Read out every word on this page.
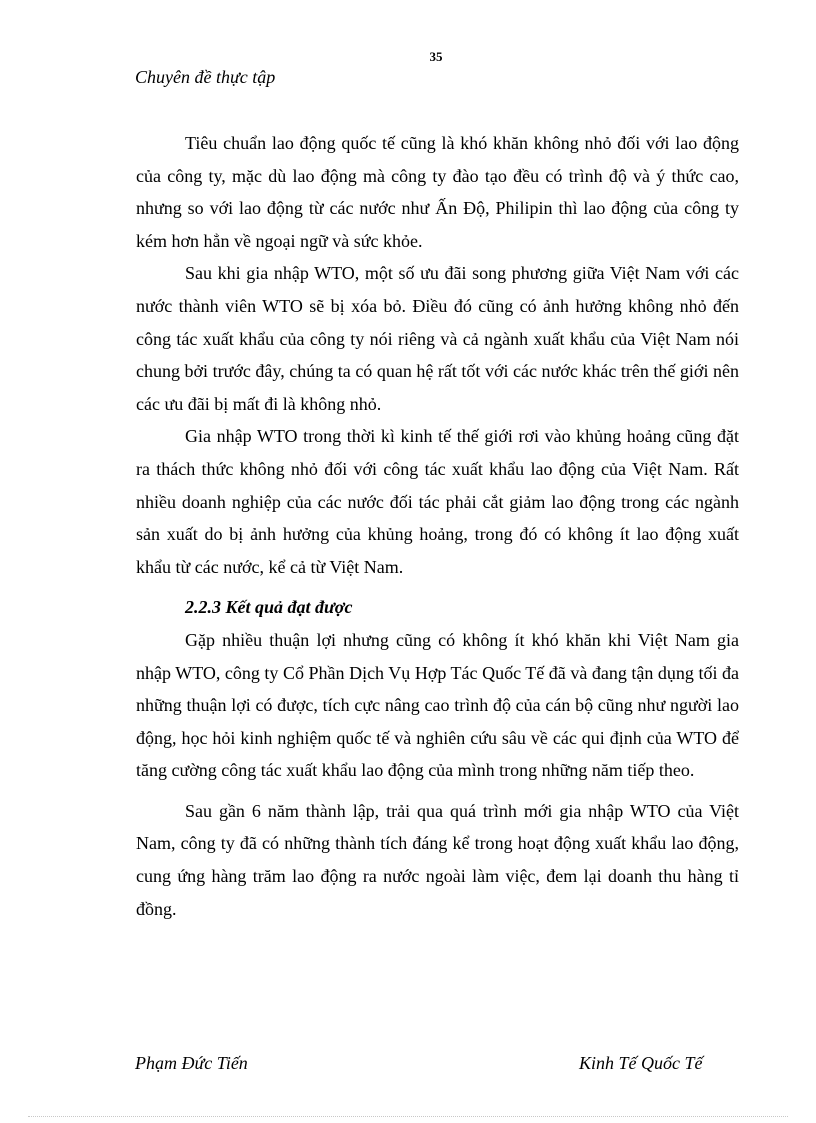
35
Chuyên đề thực tập

Tiêu chuẩn lao động quốc tế cũng là khó khăn không nhỏ đối với lao động của công ty, mặc dù lao động mà công ty đào tạo đều có trình độ và ý thức cao, nhưng so với lao động từ các nước như Ấn Độ, Philipin thì lao động của công ty kém hơn hẳn về ngoại ngữ và sức khỏe.

Sau khi gia nhập WTO, một số ưu đãi song phương giữa Việt Nam với các nước thành viên WTO sẽ bị xóa bỏ. Điều đó cũng có ảnh hưởng không nhỏ đến công tác xuất khẩu của công ty nói riêng và cả ngành xuất khẩu của Việt Nam nói chung bởi trước đây, chúng ta có quan hệ rất tốt với các nước khác trên thế giới nên các ưu đãi bị mất đi là không nhỏ.

Gia nhập WTO trong thời kì kinh tế thế giới rơi vào khủng hoảng cũng đặt ra thách thức không nhỏ đối với công tác xuất khẩu lao động của Việt Nam. Rất nhiều doanh nghiệp của các nước đối tác phải cắt giảm lao động trong các ngành sản xuất do bị ảnh hưởng của khủng hoảng, trong đó có không ít lao động xuất khẩu từ các nước, kể cả từ Việt Nam.

2.2.3 Kết quả đạt được

Gặp nhiều thuận lợi nhưng cũng có không ít khó khăn khi Việt Nam gia nhập WTO, công ty Cổ Phần Dịch Vụ Hợp Tác Quốc Tế đã và đang tận dụng tối đa những thuận lợi có được, tích cực nâng cao trình độ của cán bộ cũng như người lao động, học hỏi kinh nghiệm quốc tế và nghiên cứu sâu về các qui định của WTO để tăng cường công tác xuất khẩu lao động của mình trong những năm tiếp theo.

Sau gần 6 năm thành lập, trải qua quá trình mới gia nhập WTO của Việt Nam, công ty đã có những thành tích đáng kể trong hoạt động xuất khẩu lao động, cung ứng hàng trăm lao động ra nước ngoài làm việc, đem lại doanh thu hàng tỉ đồng.

Phạm Đức Tiến	Kinh Tế Quốc Tế
